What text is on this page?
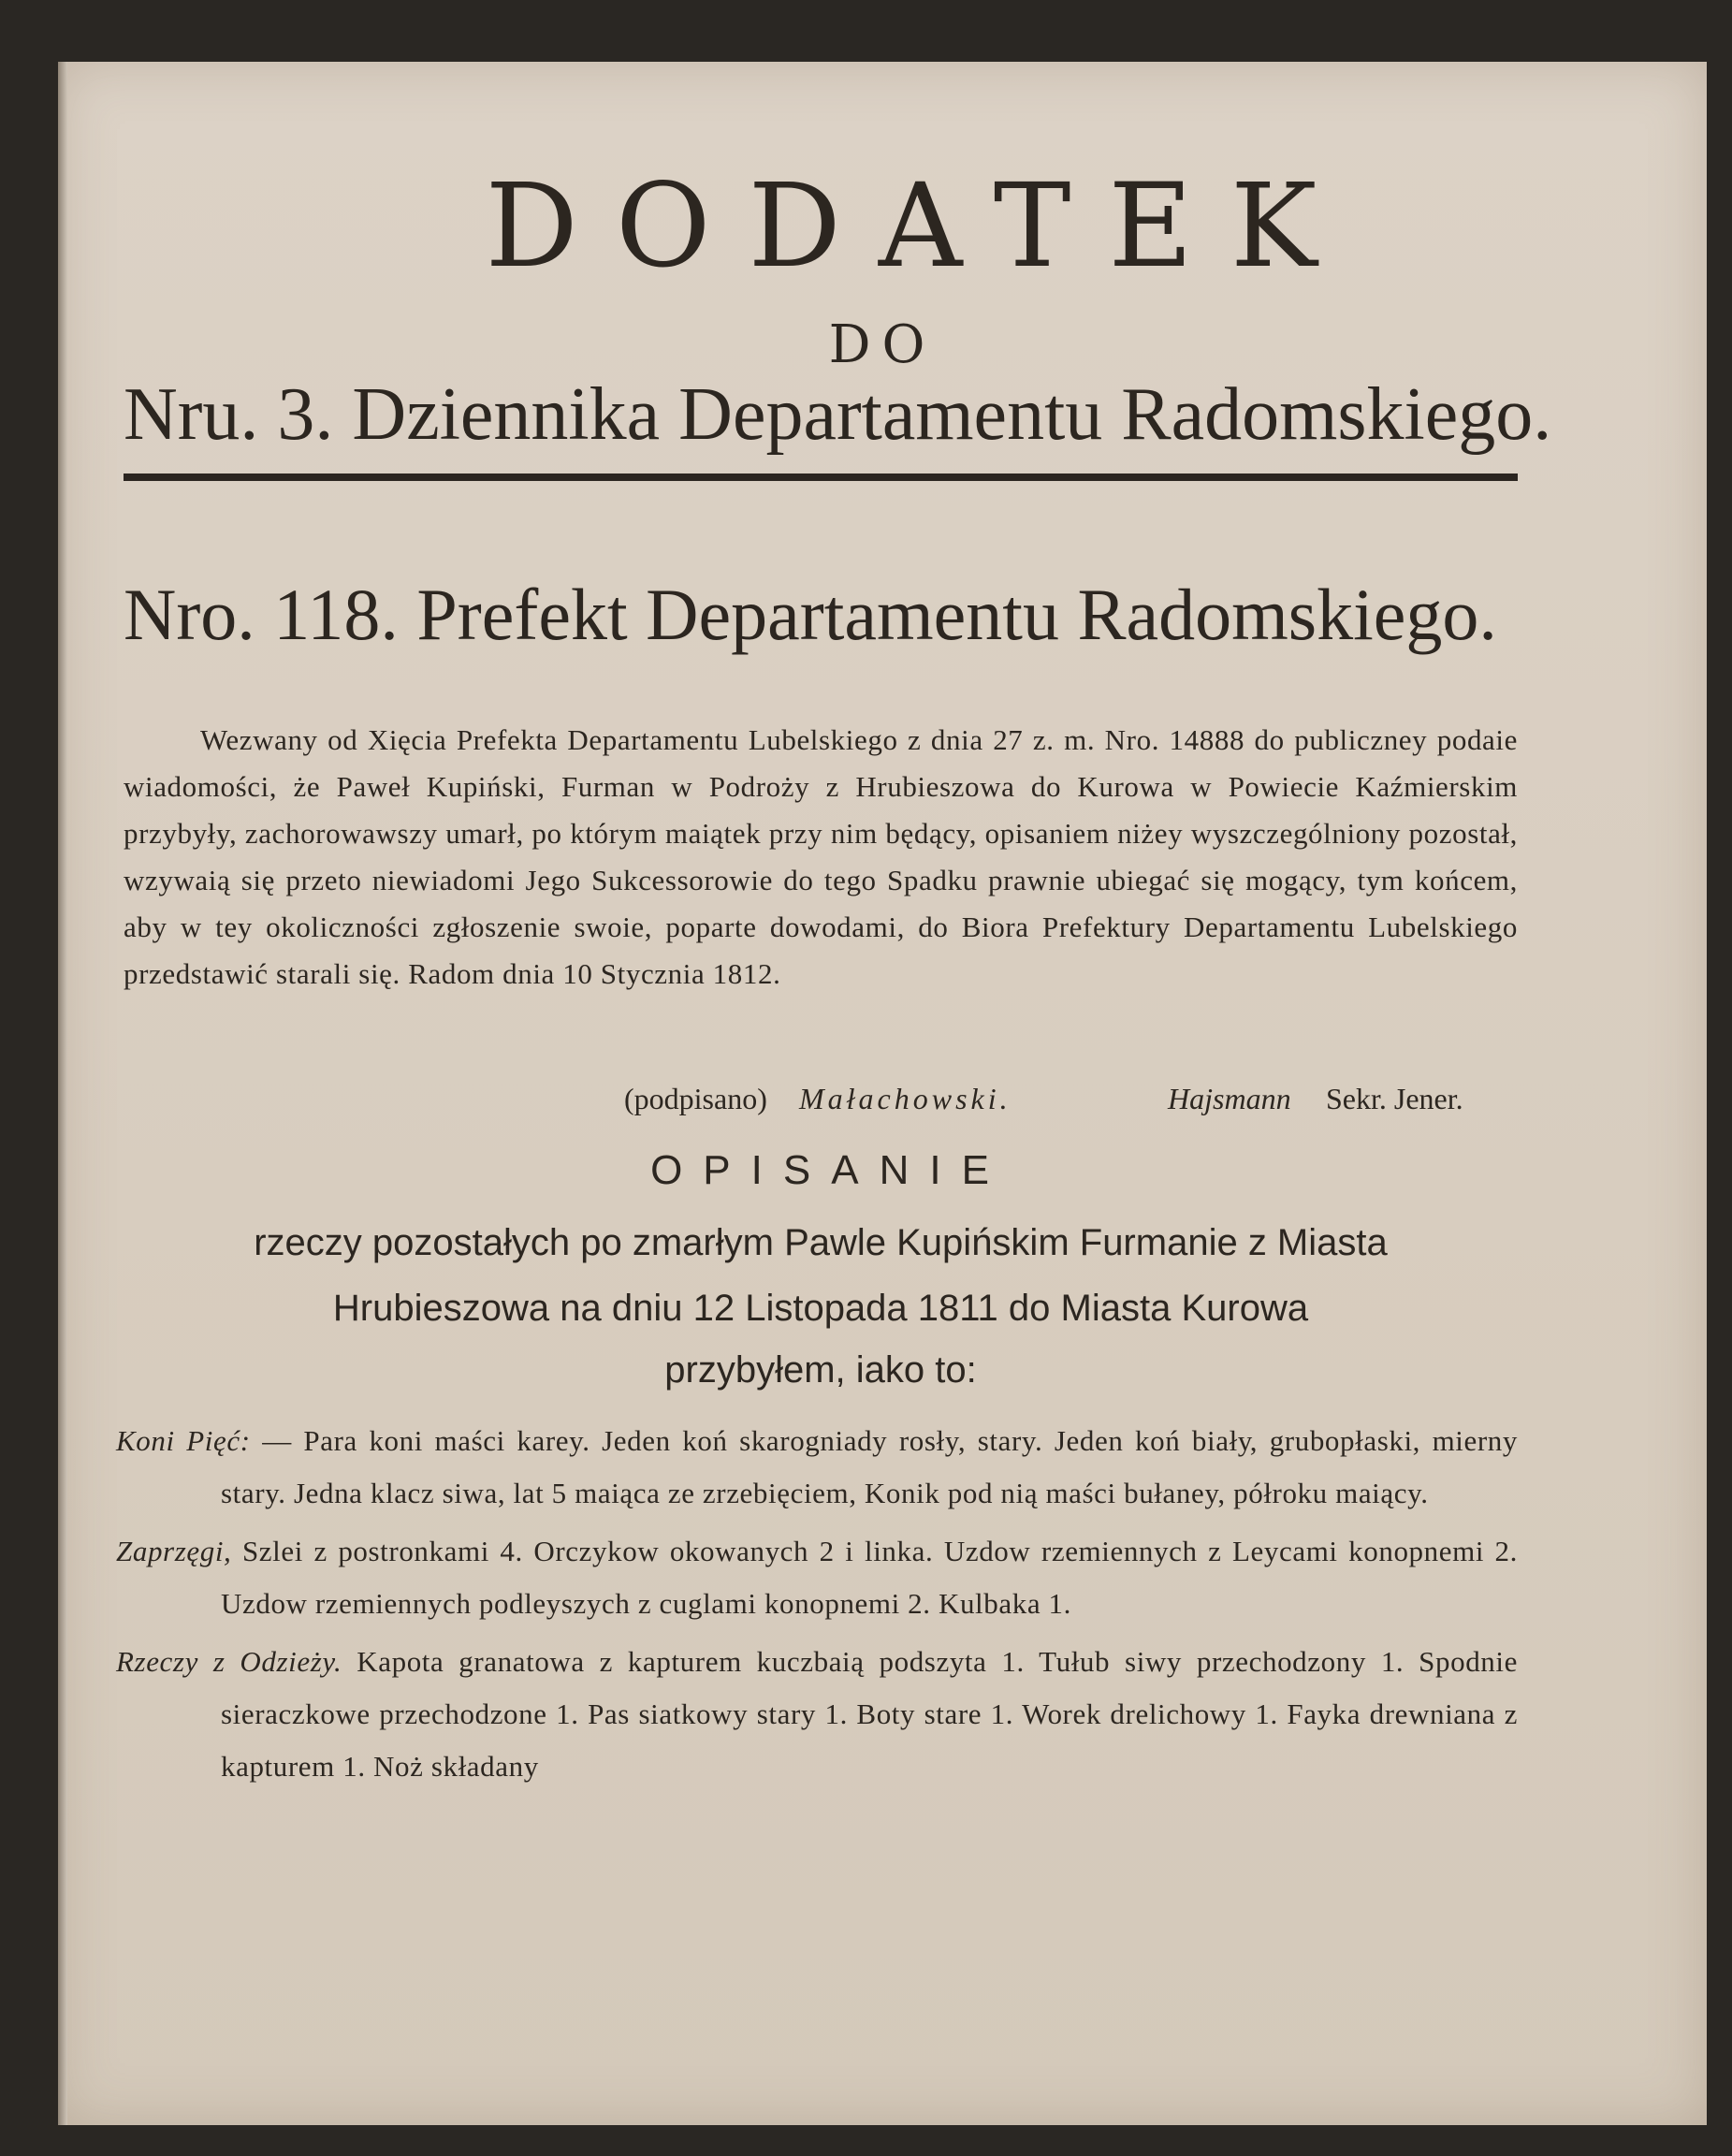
DODATEK
DO
Nru. 3. Dziennika Departamentu Radomskiego.
Nro. 118. Prefekt Departamentu Radomskiego.

Wezwany od Xięcia Prefekta Departamentu Lubelskiego z dnia 27 z. m. Nro. 14888 do publiczney podaie wiadomości, że Paweł Kupiński, Furman w Podroży z Hrubieszowa do Kurowa w Powiecie Kaźmierskim przybyły, zachorowawszy umarł, po którym maiątek przy nim będący, opisaniem niżey wyszczególniony pozostał, wzywaią się przeto niewiadomi Jego Sukcessorowie do tego Spadku prawnie ubiegać się mogący, tym końcem, aby w tey okoliczności zgłoszenie swoie, poparte dowodami, do Biora Prefektury Departamentu Lubelskiego przedstawić starali się. Radom dnia 10 Stycznia 1812.

(podpisano) Małachowski.	Hajsmann Sekr. Jener.
OPISANIE
rzeczy pozostałych po zmarłym Pawle Kupińskim Furmanie z Miasta
Hrubieszowa na dniu 12 Listopada 1811 do Miasta Kurowa
przybyłem, iako to:
Koni Pięć: — Para koni maści karey. Jeden koń skarogniady rosły, stary. Jeden koń białу, grubopłaski, mierny stary. Jedna klacz siwa, lat 5 maiąca ze zrzebięciem, Konik pod nią maści bułaney, półroku maiący.
Zaprzęgi, Szlei z postronkami 4. Orczykow okowanych 2 i linka. Uzdow rzemiennych z Leycami konopnemi 2. Uzdow rzemiennych podleyszych z cuglami konopnemi 2. Kulbaka 1.
Rzeczy z Odzieży. Kapota granatowa z kapturem kuczbaią podszyta 1. Tułub siwy przechodzony 1. Spodnie sieraczkowe przechodzone 1. Pas siatkowy stary 1. Boty stare 1. Worek drelichowy 1. Fayka drewniana z kapturem 1. Noż składany
